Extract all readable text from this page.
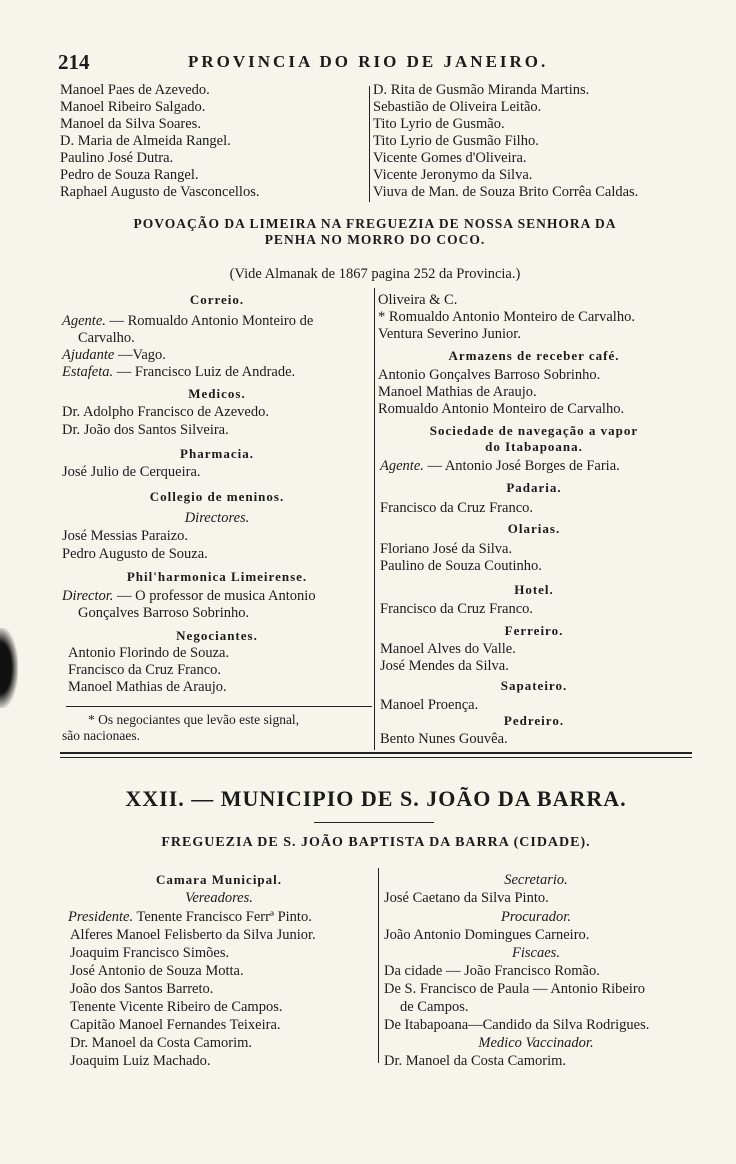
214	PROVINCIA DO RIO DE JANEIRO.
Manoel Paes de Azevedo.
Manoel Ribeiro Salgado.
Manoel da Silva Soares.
D. Maria de Almeida Rangel.
Paulino José Dutra.
Pedro de Souza Rangel.
Raphael Augusto de Vasconcellos.
D. Rita de Gusmão Miranda Martins.
Sebastião de Oliveira Leitão.
Tito Lyrio de Gusmão.
Tito Lyrio de Gusmão Filho.
Vicente Gomes d'Oliveira.
Vicente Jeronymo da Silva.
Viuva de Man. de Souza Brito Corrêa Caldas.
POVOAÇÃO DA LIMEIRA NA FREGUEZIA DE NOSSA SENHORA DA
PENHA NO MORRO DO COCO.
(Vide Almanak de 1867 pagina 252 da Provincia.)
Correio.
Agente. — Romualdo Antonio Monteiro de
Carvalho.
Ajudante —Vago.
Estafeta. — Francisco Luiz de Andrade.
Medicos.
Dr. Adolpho Francisco de Azevedo.
Dr. João dos Santos Silveira.
Pharmacia.
José Julio de Cerqueira.
Collegio de meninos.
Directores.
José Messias Paraizo.
Pedro Augusto de Souza.
Phil'harmonica Limeirense.
Director. — O professor de musica Antonio
Gonçalves Barroso Sobrinho.
Negociantes.
Antonio Florindo de Souza.
Francisco da Cruz Franco.
Manoel Mathias de Araujo.
* Os negociantes que levão este signal,
são nacionaes.
Oliveira & C.
* Romualdo Antonio Monteiro de Carvalho.
Ventura Severino Junior.
Armazens de receber café.
Antonio Gonçalves Barroso Sobrinho.
Manoel Mathias de Araujo.
Romualdo Antonio Monteiro de Carvalho.
Sociedade de navegação a vapor
do Itabapoana.
Agente. — Antonio José Borges de Faria.
Padaria.
Francisco da Cruz Franco.
Olarias.
Floriano José da Silva.
Paulino de Souza Coutinho.
Hotel.
Francisco da Cruz Franco.
Ferreiro.
Manoel Alves do Valle.
José Mendes da Silva.
Sapateiro.
Manoel Proença.
Pedreiro.
Bento Nunes Gouvêa.
XXII. — MUNICIPIO DE S. JOÃO DA BARRA.
FREGUEZIA DE S. JOÃO BAPTISTA DA BARRA (CIDADE).
Camara Municipal.
Vereadores.
Presidente. Tenente Francisco Ferrª Pinto.
Alferes Manoel Felisberto da Silva Junior.
Joaquim Francisco Simões.
José Antonio de Souza Motta.
João dos Santos Barreto.
Tenente Vicente Ribeiro de Campos.
Capitão Manoel Fernandes Teixeira.
Dr. Manoel da Costa Camorim.
Joaquim Luiz Machado.
Secretario.
José Caetano da Silva Pinto.
Procurador.
João Antonio Domingues Carneiro.
Fiscaes.
Da cidade — João Francisco Romão.
De S. Francisco de Paula — Antonio Ribeiro
de Campos.
De Itabapoana—Candido da Silva Rodrigues.
Medico Vaccinador.
Dr. Manoel da Costa Camorim.
